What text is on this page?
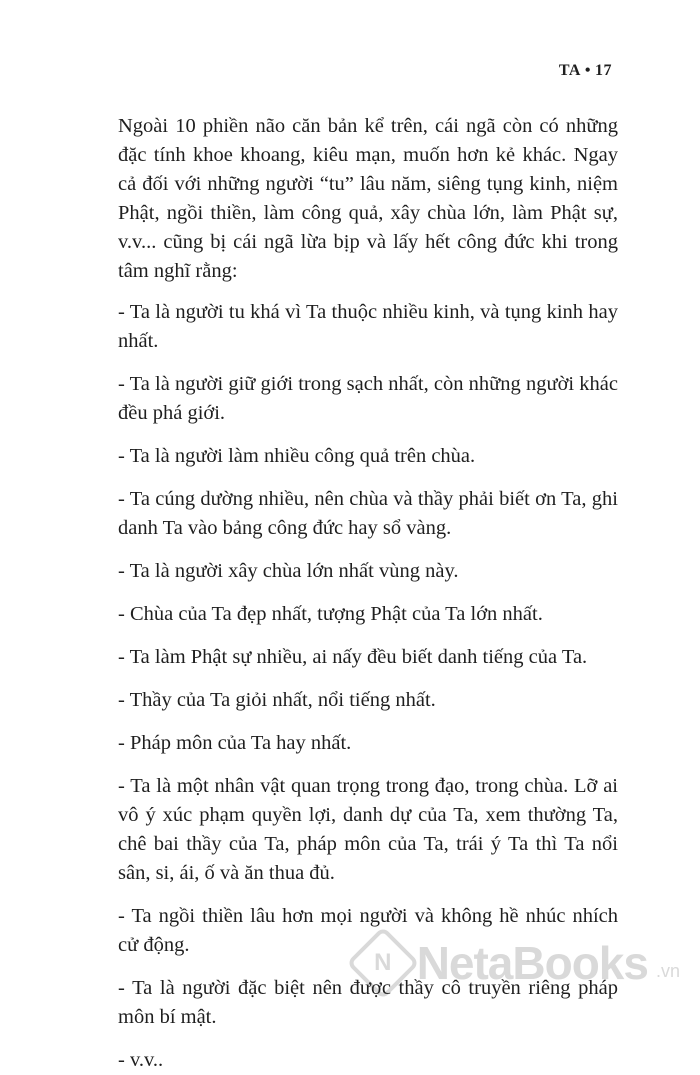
TA • 17

Ngoài 10 phiền não căn bản kể trên, cái ngã còn có những đặc tính khoe khoang, kiêu mạn, muốn hơn kẻ khác. Ngay cả đối với những người “tu” lâu năm, siêng tụng kinh, niệm Phật, ngồi thiền, làm công quả, xây chùa lớn, làm Phật sự, v.v... cũng bị cái ngã lừa bịp và lấy hết công đức khi trong tâm nghĩ rằng:

- Ta là người tu khá vì Ta thuộc nhiều kinh, và tụng kinh hay nhất.

- Ta là người giữ giới trong sạch nhất, còn những người khác đều phá giới.

- Ta là người làm nhiều công quả trên chùa.

- Ta cúng dường nhiều, nên chùa và thầy phải biết ơn Ta, ghi danh Ta vào bảng công đức hay sổ vàng.

- Ta là người xây chùa lớn nhất vùng này.

- Chùa của Ta đẹp nhất, tượng Phật của Ta lớn nhất.

- Ta làm Phật sự nhiều, ai nấy đều biết danh tiếng của Ta.

- Thầy của Ta giỏi nhất, nổi tiếng nhất.

- Pháp môn của Ta hay nhất.

- Ta là một nhân vật quan trọng trong đạo, trong chùa. Lỡ ai vô ý xúc phạm quyền lợi, danh dự của Ta, xem thường Ta, chê bai thầy của Ta, pháp môn của Ta, trái ý Ta thì Ta nổi sân, si, ái, ố và ăn thua đủ.

- Ta ngồi thiền lâu hơn mọi người và không hề nhúc nhích cử động.

- Ta là người đặc biệt nên được thầy cô truyền riêng pháp môn bí mật.

- v.v..

N NetaBooks .vn
